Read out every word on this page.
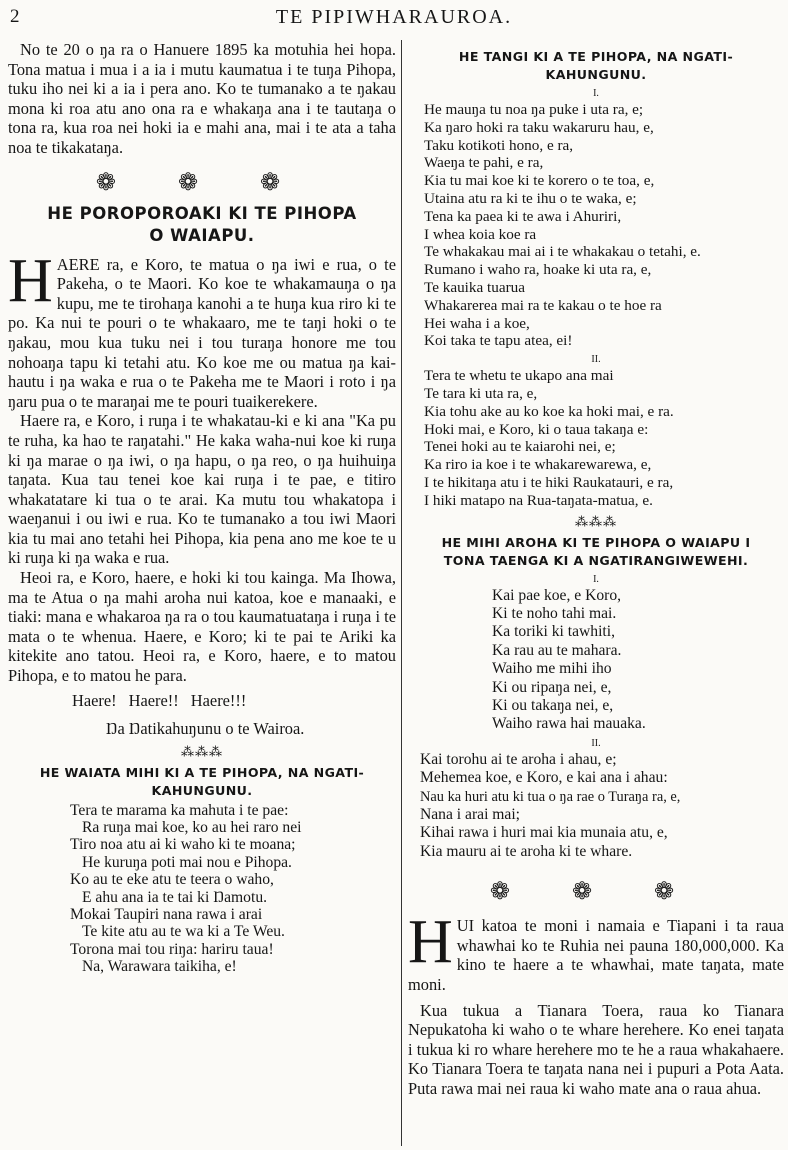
2	TE PIPIWHARAUROA.

No te 20 o ŋa ra o Hanuere 1895 ka motuhia hei hopa. Tona matua i mua i a ia i mutu kaumatua i te tuŋa Pihopa, tuku iho nei ki a ia i pera ano. Ko te tumanako a te ŋakau mona ki roa atu ano ona ra e whakaŋa ana i te tautaŋa o tona ra, kua roa nei hoki ia e mahi ana, mai i te ata a taha noa te tikakataŋa.

❁ ❁ ❁
HE POROPOROAKI KI TE PIHOPA
O WAIAPU.

H AERE ra, e Koro, te matua o ŋa iwi e rua, o te Pakeha, o te Maori. Ko koe te whakamauŋa o ŋa kupu, me te tirohaŋa kanohi a te huŋa kua riro ki te po. Ka nui te pouri o te whakaaro, me te taŋi hoki o te ŋakau, mou kua tuku nei i tou turaŋa honore me tou nohoaŋa tapu ki tetahi atu. Ko koe me ou matua ŋa kai-hautu i ŋa waka e rua o te Pakeha me te Maori i roto i ŋa ŋaru pua o te maraŋai me te pouri tuaikerekere.

Haere ra, e Koro, i ruŋa i te whakatau-ki e ki ana "Ka pu te ruha, ka hao te raŋatahi." He kaka waha-nui koe ki ruŋa ki ŋa marae o ŋa iwi, o ŋa hapu, o ŋa reo, o ŋa huihuiŋa taŋata. Kua tau tenei koe kai ruŋa i te pae, e titiro whakatatare ki tua o te arai. Ka mutu tou whakatopa i waeŋanui i ou iwi e rua. Ko te tumanako a tou iwi Maori kia tu mai ano tetahi hei Pihopa, kia pena ano me koe te u ki ruŋa ki ŋa waka e rua.

Heoi ra, e Koro, haere, e hoki ki tou kainga. Ma Ihowa, ma te Atua o ŋa mahi aroha nui katoa, koe e manaaki, e tiaki: mana e whakaroa ŋa ra o tou kaumatuataŋa i ruŋa i te mata o te whenua. Haere, e Koro; ki te pai te Ariki ka kitekite ano tatou. Heoi ra, e Koro, haere, e to matou Pihopa, e to matou he para.

Haere! Haere!! Haere!!!
Ŋa Ŋatikahuŋunu o te Wairoa.
⁂⁂⁂
HE WAIATA MIHI KI A TE PIHOPA, NA NGATI-
KAHUNGUNU.
Tera te marama ka mahuta i te pae:
Ra ruŋa mai koe, ko au hei raro nei
Tiro noa atu ai ki waho ki te moana;
He kuruŋa poti mai nou e Pihopa.
Ko au te eke atu te teera o waho,
E ahu ana ia te tai ki Ŋamotu.
Mokai Taupiri nana rawa i arai
Te kite atu au te wa ki a Te Weu.
Torona mai tou riŋa: hariru taua!
Na, Warawara taikiha, e!
HE TANGI KI A TE PIHOPA, NA NGATI-
KAHUNGUNU.
I.
He mauŋa tu noa ŋa puke i uta ra, e;
Ka ŋaro hoki ra taku wakaruru hau, e,
Taku kotikoti hono, e ra,
Waeŋa te pahi, e ra,
Kia tu mai koe ki te korero o te toa, e,
Utaina atu ra ki te ihu o te waka, e;
Tena ka paea ki te awa i Ahuriri,
I whea koia koe ra
Te whakakau mai ai i te whakakau o tetahi, e.
Rumano i waho ra, hoake ki uta ra, e,
Te kauika tuarua
Whakarerea mai ra te kakau o te hoe ra
Hei waha i a koe,
Koi taka te tapu atea, ei!
II.
Tera te whetu te ukapo ana mai
Te tara ki uta ra, e,
Kia tohu ake au ko koe ka hoki mai, e ra.
Hoki mai, e Koro, ki o taua takaŋa e:
Tenei hoki au te kaiarohi nei, e;
Ka riro ia koe i te whakarewarewa, e,
I te hikitaŋa atu i te hiki Raukatauri, e ra,
I hiki matapo na Rua-taŋata-matua, e.
⁂⁂⁂
HE MIHI AROHA KI TE PIHOPA O WAIAPU I
TONA TAENGA KI A NGATIRANGIWEWEHI.
I.
Kai pae koe, e Koro,
Ki te noho tahi mai.
Ka toriki ki tawhiti,
Ka rau au te mahara.
Waiho me mihi iho
Ki ou ripaŋa nei, e,
Ki ou takaŋa nei, e,
Waiho rawa hai mauaka.
II.
Kai torohu ai te aroha i ahau, e;
Mehemea koe, e Koro, e kai ana i ahau:
Nau ka huri atu ki tua o ŋa rae o Turaŋa ra, e,
Nana i arai mai;
Kihai rawa i huri mai kia munaia atu, e,
Kia mauru ai te aroha ki te whare.
❁ ❁ ❁

H UI katoa te moni i namaia e Tiapani i ta raua whawhai ko te Ruhia nei pauna 180,000,000. Ka kino te haere a te whawhai, mate taŋata, mate moni.

Kua tukua a Tianara Toera, raua ko Tianara Nepukatoha ki waho o te whare herehere. Ko enei taŋata i tukua ki ro whare herehere mo te he a raua whakahaere. Ko Tianara Toera te taŋata nana nei i pupuri a Pota Aata. Puta rawa mai nei raua ki waho mate ana o raua ahua.
